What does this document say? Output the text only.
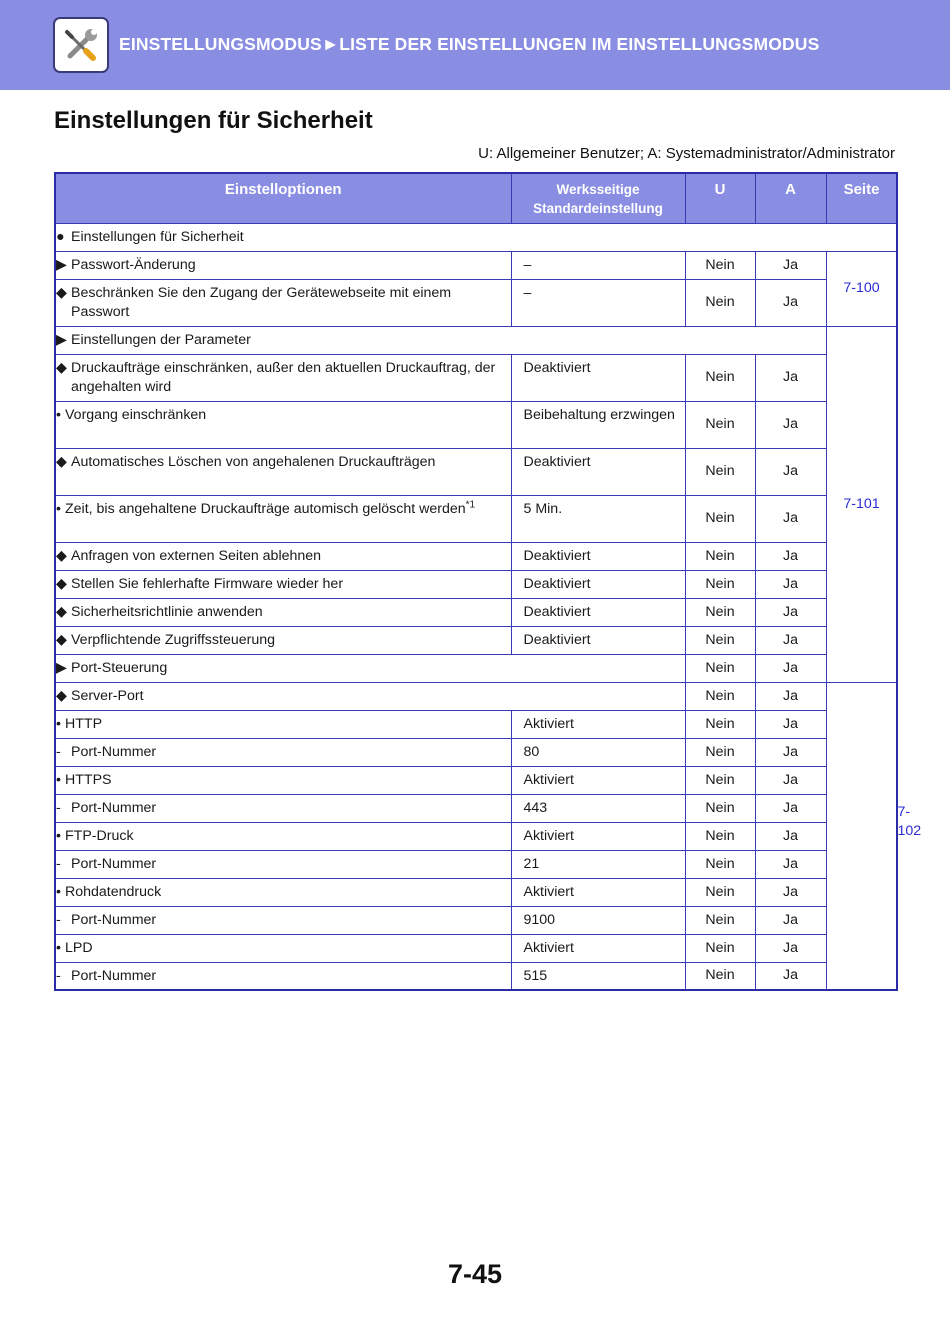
EINSTELLUNGSMODUS►LISTE DER EINSTELLUNGEN IM EINSTELLUNGSMODUS
Einstellungen für Sicherheit
U: Allgemeiner Benutzer; A: Systemadministrator/Administrator
Einstelloptionen	Werksseitige
Standardeinstellung	U	A	Seite	
● Einstellungen für Sicherheit					
▶ Passwort-Änderung	–	Nein	Ja	7-100	

◆ Beschränken Sie den Zugang der Gerätewebseite mit einem Passwort	–	Nein	Ja		
▶ Einstellungen der Parameter				7-101	

◆ Druckaufträge einschränken, außer den aktuellen Druckauftrag, der angehalten wird	Deaktiviert	Nein	Ja		

• Vorgang einschränken	Beibehaltung erzwingen	Nein	Ja		

◆ Automatisches Löschen von angehalenen Druckaufträgen	Deaktiviert	Nein	Ja		

• Zeit, bis angehaltene Druckaufträge automisch gelöscht werden$^{*1}$	5 Min.	Nein	Ja		
◆ Anfragen von externen Seiten ablehnen	Deaktiviert	Nein	Ja		
◆ Stellen Sie fehlerhafte Firmware wieder her	Deaktiviert	Nein	Ja		
◆ Sicherheitsrichtlinie anwenden	Deaktiviert	Nein	Ja		
◆ Verpflichtende Zugriffssteuerung	Deaktiviert	Nein	Ja		
▶ Port-Steuerung		Nein	Ja		7-102
◆ Server-Port		Nein	Ja		
• HTTP	Aktiviert	Nein	Ja		
- Port-Nummer	80	Nein	Ja		
• HTTPS	Aktiviert	Nein	Ja		
- Port-Nummer	443	Nein	Ja		
• FTP-Druck	Aktiviert	Nein	Ja		
- Port-Nummer	21	Nein	Ja		
• Rohdatendruck	Aktiviert	Nein	Ja		
- Port-Nummer	9100	Nein	Ja		
• LPD	Aktiviert	Nein	Ja		
- Port-Nummer	515	Nein	Ja		
7-45
